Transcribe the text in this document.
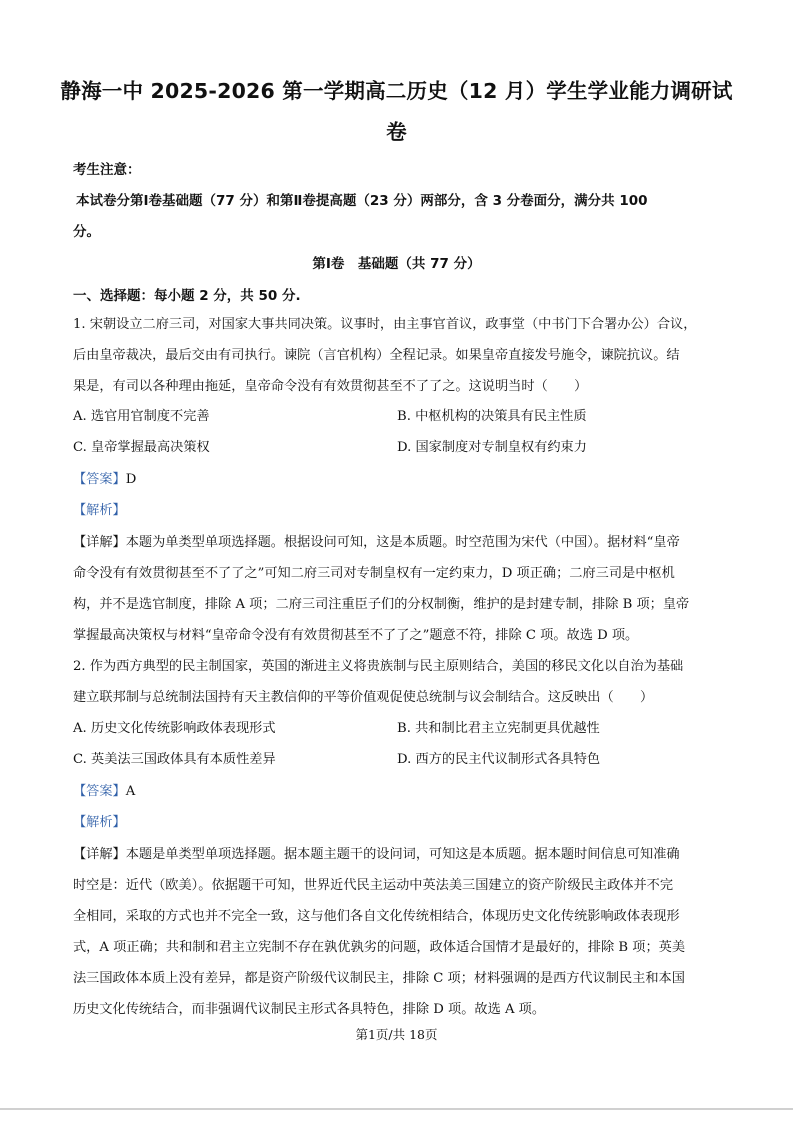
静海一中 2025-2026 第一学期高二历史（12 月）学生学业能力调研试
卷
考生注意：
本试卷分第Ⅰ卷基础题（77 分）和第Ⅱ卷提高题（23 分）两部分，含 3 分卷面分，满分共 100
分。
第Ⅰ卷　基础题（共 77 分）
一、选择题：每小题 2 分，共 50 分.
1. 宋朝设立二府三司，对国家大事共同决策。议事时，由主事官首议，政事堂（中书门下合署办公）合议，
后由皇帝裁决，最后交由有司执行。谏院（言官机构）全程记录。如果皇帝直接发号施令，谏院抗议。结
果是，有司以各种理由拖延，皇帝命令没有有效贯彻甚至不了了之。这说明当时（　　）
A. 选官用官制度不完善	B. 中枢机构的决策具有民主性质
C. 皇帝掌握最高决策权	D. 国家制度对专制皇权有约束力
【答案】D
【解析】
【详解】本题为单类型单项选择题。根据设问可知，这是本质题。时空范围为宋代（中国）。据材料“皇帝
命令没有有效贯彻甚至不了了之”可知二府三司对专制皇权有一定约束力，D 项正确；二府三司是中枢机
构，并不是选官制度，排除 A 项；二府三司注重臣子们的分权制衡，维护的是封建专制，排除 B 项；皇帝
掌握最高决策权与材料“皇帝命令没有有效贯彻甚至不了了之”题意不符，排除 C 项。故选 D 项。
2. 作为西方典型的民主制国家，英国的渐进主义将贵族制与民主原则结合，美国的移民文化以自治为基础
建立联邦制与总统制法国持有天主教信仰的平等价值观促使总统制与议会制结合。这反映出（　　）
A. 历史文化传统影响政体表现形式	B. 共和制比君主立宪制更具优越性
C. 英美法三国政体具有本质性差异	D. 西方的民主代议制形式各具特色
【答案】A
【解析】
【详解】本题是单类型单项选择题。据本题主题干的设问词，可知这是本质题。据本题时间信息可知准确
时空是：近代（欧美）。依据题干可知，世界近代民主运动中英法美三国建立的资产阶级民主政体并不完
全相同，采取的方式也并不完全一致，这与他们各自文化传统相结合，体现历史文化传统影响政体表现形
式，A 项正确；共和制和君主立宪制不存在孰优孰劣的问题，政体适合国情才是最好的，排除 B 项；英美
法三国政体本质上没有差异，都是资产阶级代议制民主，排除 C 项；材料强调的是西方代议制民主和本国
历史文化传统结合，而非强调代议制民主形式各具特色，排除 D 项。故选 A 项。
第1页/共 18页
